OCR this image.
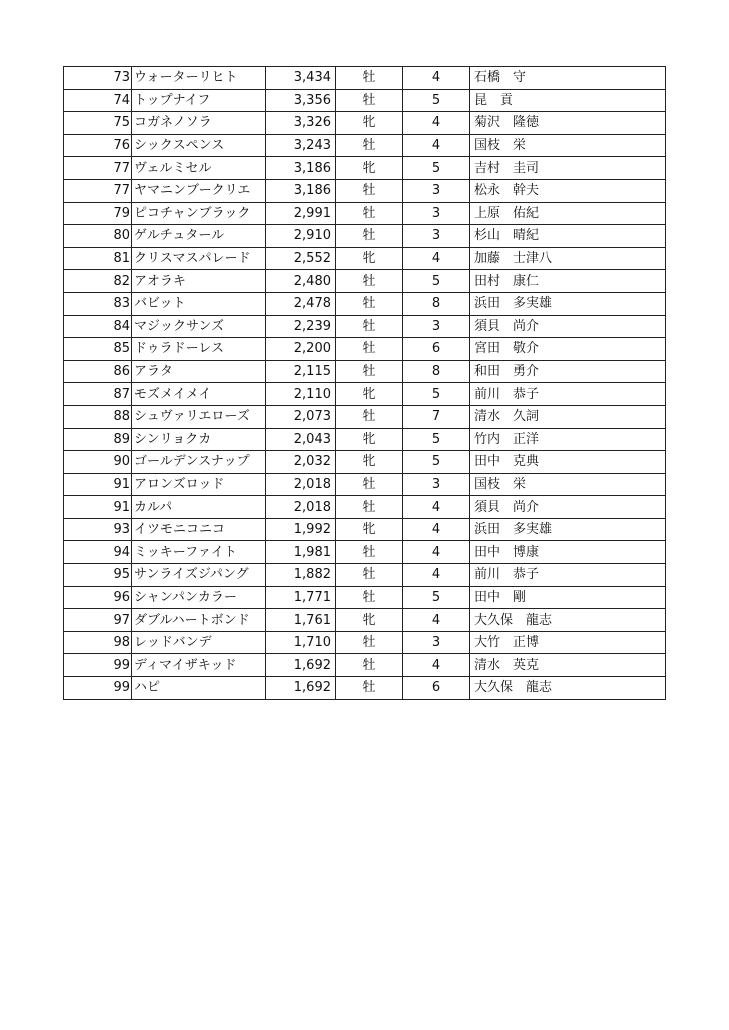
73	ウォーターリヒト	3,434	牡	4	石橋　守
74	トップナイフ	3,356	牡	5	昆　貢
75	コガネノソラ	3,326	牝	4	菊沢　隆徳
76	シックスペンス	3,243	牡	4	国枝　栄
77	ヴェルミセル	3,186	牝	5	吉村　圭司
77	ヤマニンブークリエ	3,186	牡	3	松永　幹夫
79	ピコチャンブラック	2,991	牡	3	上原　佑紀
80	ゲルチュタール	2,910	牡	3	杉山　晴紀
81	クリスマスパレード	2,552	牝	4	加藤　士津八
82	アオラキ	2,480	牡	5	田村　康仁
83	バビット	2,478	牡	8	浜田　多実雄
84	マジックサンズ	2,239	牡	3	須貝　尚介
85	ドゥラドーレス	2,200	牡	6	宮田　敬介
86	アラタ	2,115	牡	8	和田　勇介
87	モズメイメイ	2,110	牝	5	前川　恭子
88	シュヴァリエローズ	2,073	牡	7	清水　久詞
89	シンリョクカ	2,043	牝	5	竹内　正洋
90	ゴールデンスナップ	2,032	牝	5	田中　克典
91	アロンズロッド	2,018	牡	3	国枝　栄
91	カルパ	2,018	牡	4	須貝　尚介
93	イツモニコニコ	1,992	牝	4	浜田　多実雄
94	ミッキーファイト	1,981	牡	4	田中　博康
95	サンライズジパング	1,882	牡	4	前川　恭子
96	シャンパンカラー	1,771	牡	5	田中　剛
97	ダブルハートボンド	1,761	牝	4	大久保　龍志
98	レッドバンデ	1,710	牡	3	大竹　正博
99	ディマイザキッド	1,692	牡	4	清水　英克
99	ハピ	1,692	牡	6	大久保　龍志
